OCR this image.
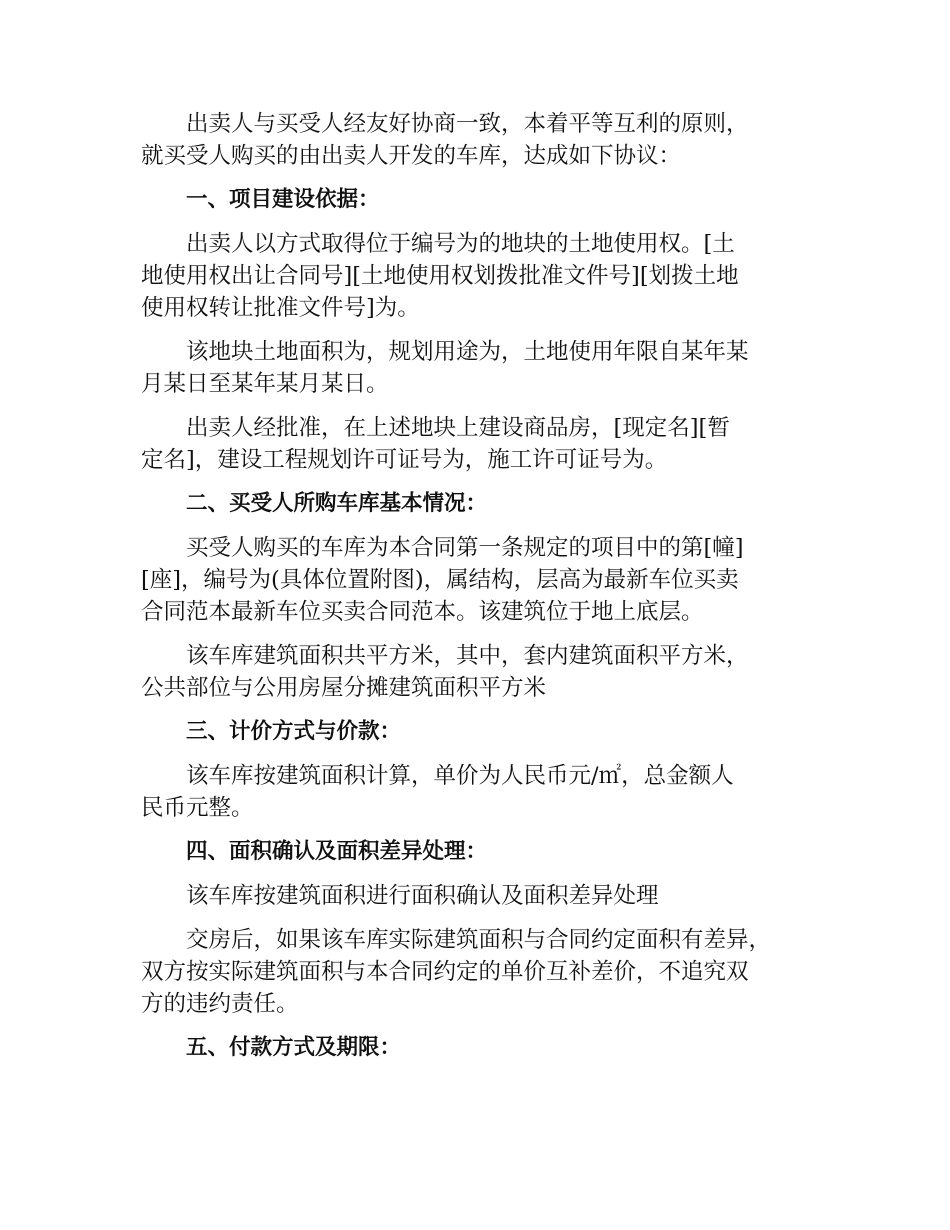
出卖人与买受人经友好协商一致，本着平等互利的原则，
就买受人购买的由出卖人开发的车库，达成如下协议：
一、项目建设依据：
出卖人以方式取得位于编号为的地块的土地使用权。[土
地使用权出让合同号][土地使用权划拨批准文件号][划拨土地
使用权转让批准文件号]为。
该地块土地面积为，规划用途为，土地使用年限自某年某
月某日至某年某月某日。
出卖人经批准，在上述地块上建设商品房，[现定名][暂
定名]，建设工程规划许可证号为，施工许可证号为。
二、买受人所购车库基本情况：
买受人购买的车库为本合同第一条规定的项目中的第[幢]
[座]，编号为(具体位置附图)，属结构，层高为最新车位买卖
合同范本最新车位买卖合同范本。该建筑位于地上底层。
该车库建筑面积共平方米，其中，套内建筑面积平方米，
公共部位与公用房屋分摊建筑面积平方米
三、计价方式与价款：
该车库按建筑面积计算，单价为人民币元/㎡，总金额人
民币元整。
四、面积确认及面积差异处理：
该车库按建筑面积进行面积确认及面积差异处理
交房后，如果该车库实际建筑面积与合同约定面积有差异，
双方按实际建筑面积与本合同约定的单价互补差价，不追究双
方的违约责任。
五、付款方式及期限：
